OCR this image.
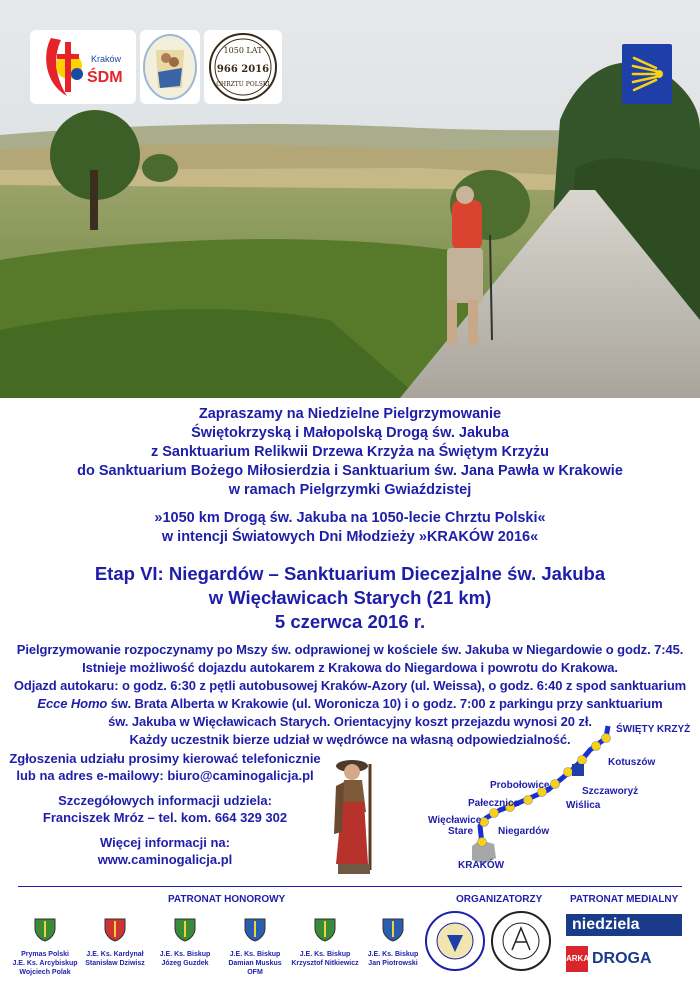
Kraków
ŚDM
1050 LAT
966 2016
CHRZTU POLSKI
Zapraszamy na Niedzielne Pielgrzymowanie
Świętokrzyską i Małopolską Drogą św. Jakuba
z Sanktuarium Relikwii Drzewa Krzyża na Świętym Krzyżu
do Sanktuarium Bożego Miłosierdzia i Sanktuarium św. Jana Pawła w Krakowie
w ramach Pielgrzymki Gwiaździstej
»1050 km Drogą św. Jakuba na 1050-lecie Chrztu Polski«
w intencji Światowych Dni Młodzieży »KRAKÓW 2016«
Etap VI: Niegardów – Sanktuarium Diecezjalne św. Jakuba
w Więcławicach Starych (21 km)
5 czerwca 2016 r.
Pielgrzymowanie rozpoczynamy po Mszy św. odprawionej w kościele św. Jakuba w Niegardowie o godz. 7:45.
Istnieje możliwość dojazdu autokarem z Krakowa do Niegardowa i powrotu do Krakowa.
Odjazd autokaru: o godz. 6:30 z pętli autobusowej Kraków-Azory (ul. Weissa), o godz. 6:40 z spod sanktuarium
Ecce Homo św. Brata Alberta w Krakowie (ul. Woronicza 10) i o godz. 7:00 z parkingu przy sanktuarium
św. Jakuba w Więcławicach Starych. Orientacyjny koszt przejazdu wynosi 20 zł.
Każdy uczestnik bierze udział w wędrówce na własną odpowiedzialność.
Zgłoszenia udziału prosimy kierować telefonicznie
lub na adres e-mailowy: biuro@caminogalicja.pl
Szczegółowych informacji udziela:
Franciszek Mróz – tel. kom. 664 329 302
Więcej informacji na:
www.caminogalicja.pl
ŚWIĘTY KRZYŻ
Kotuszów
Szczaworyż
Wiślica
Probołowice
Pałecznica
Więcławice
Stare Niegardów
KRAKÓW
PATRONAT HONOROWY	ORGANIZATORZY	PATRONAT MEDIALNY
Prymas Polski
J.E. Ks. Arcybiskup
Wojciech Polak
J.E. Ks. Kardynał
Stanisław Dziwisz
J.E. Ks. Biskup
Józeg Guzdek
J.E. Ks. Biskup
Damian Muskus OFM
J.E. Ks. Biskup
Krzysztof Nitkiewicz
J.E. Ks. Biskup
Jan Piotrowski
niedziela
ARKA DROGA
